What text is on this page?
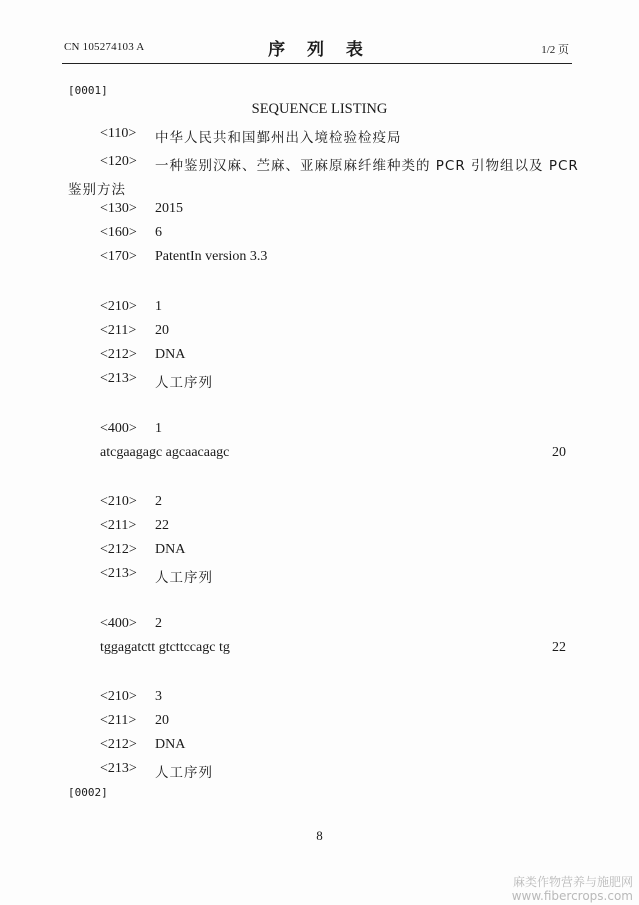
CN 105274103 A	序 列 表	1/2 页
[0001]
SEQUENCE LISTING
<110> 中华人民共和国鄞州出入境检验检疫局
<120> 一种鉴别汉麻、苎麻、亚麻原麻纤维种类的 PCR 引物组以及 PCR
鉴别方法
<130> 2015
<160> 6
<170> PatentIn version 3.3
<210> 1
<211> 20
<212> DNA
<213> 人工序列
<400> 1
atcgaagagc agcaacaagc	20
<210> 2
<211> 22
<212> DNA
<213> 人工序列
<400> 2
tggagatctt gtcttccagc tg	22
<210> 3
<211> 20
<212> DNA
<213> 人工序列
[0002]
8
麻类作物营养与施肥网
www.fibercrops.com
